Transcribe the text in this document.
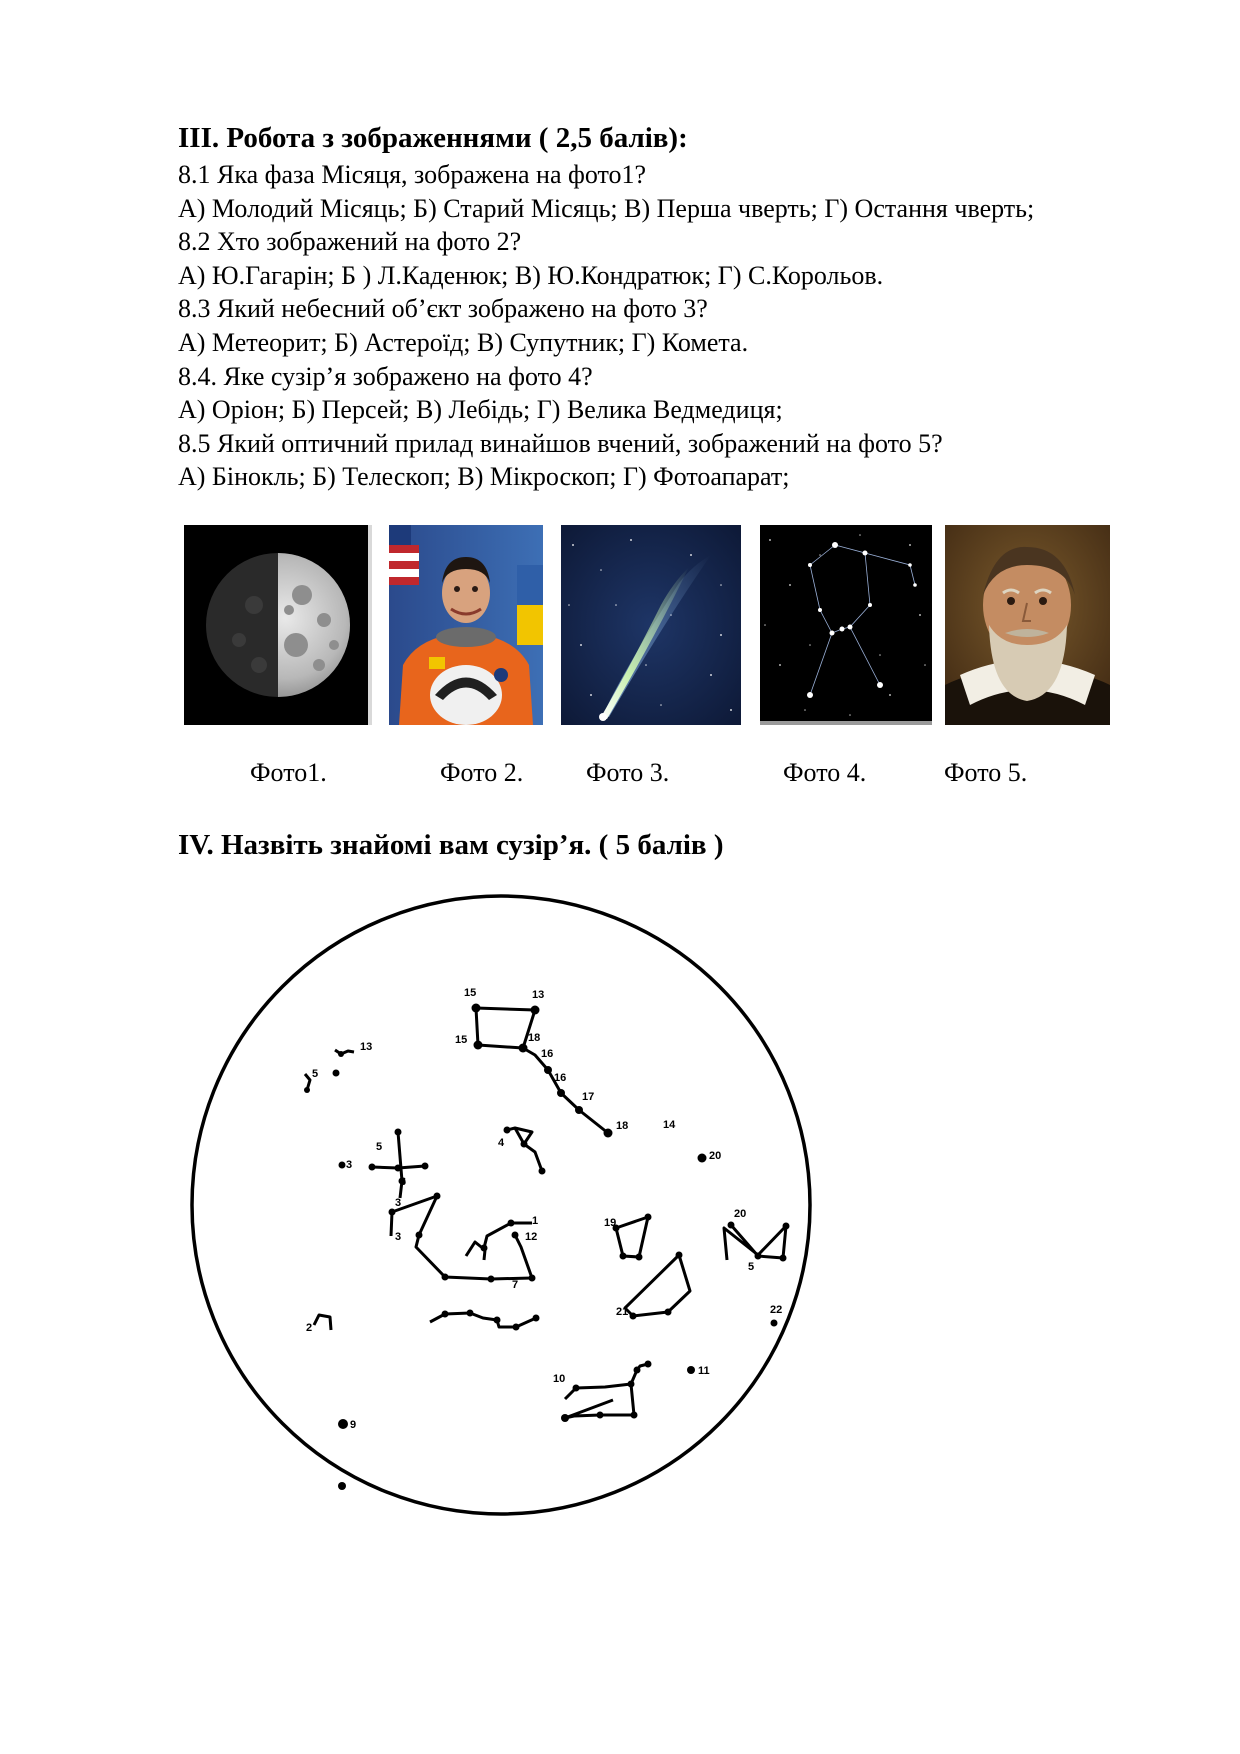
III. Робота з зображеннями ( 2,5 балів):
8.1 Яка фаза Місяця, зображена на фото1?
А) Молодий Місяць; Б) Старий Місяць; В) Перша чверть; Г) Остання чверть;
8.2 Хто зображений на фото 2?
А) Ю.Гагарін; Б ) Л.Каденюк; В) Ю.Кондратюк; Г) С.Корольов.
8.3 Який небесний об’єкт зображено на фото 3?
А) Метеорит; Б) Астероїд; В) Супутник; Г) Комета.
8.4. Яке сузір’я зображено на фото 4?
А) Оріон; Б) Персей; В) Лебідь; Г) Велика Ведмедиця;
8.5 Який оптичний прилад винайшов вчений, зображений на фото 5?
А) Бінокль; Б) Телескоп; В) Мікроскоп; Г) Фотоапарат;
Фото1.	Фото 2. Фото 3.	Фото 4.	Фото 5.
IV. Назвіть знайомі вам сузір’я. ( 5 балів )
15	13
15	18
16
16
17
18	14
13
5
5
6
4
3
3
1
3	12
2
7
19
20
20
5
21	22
11
9
10
